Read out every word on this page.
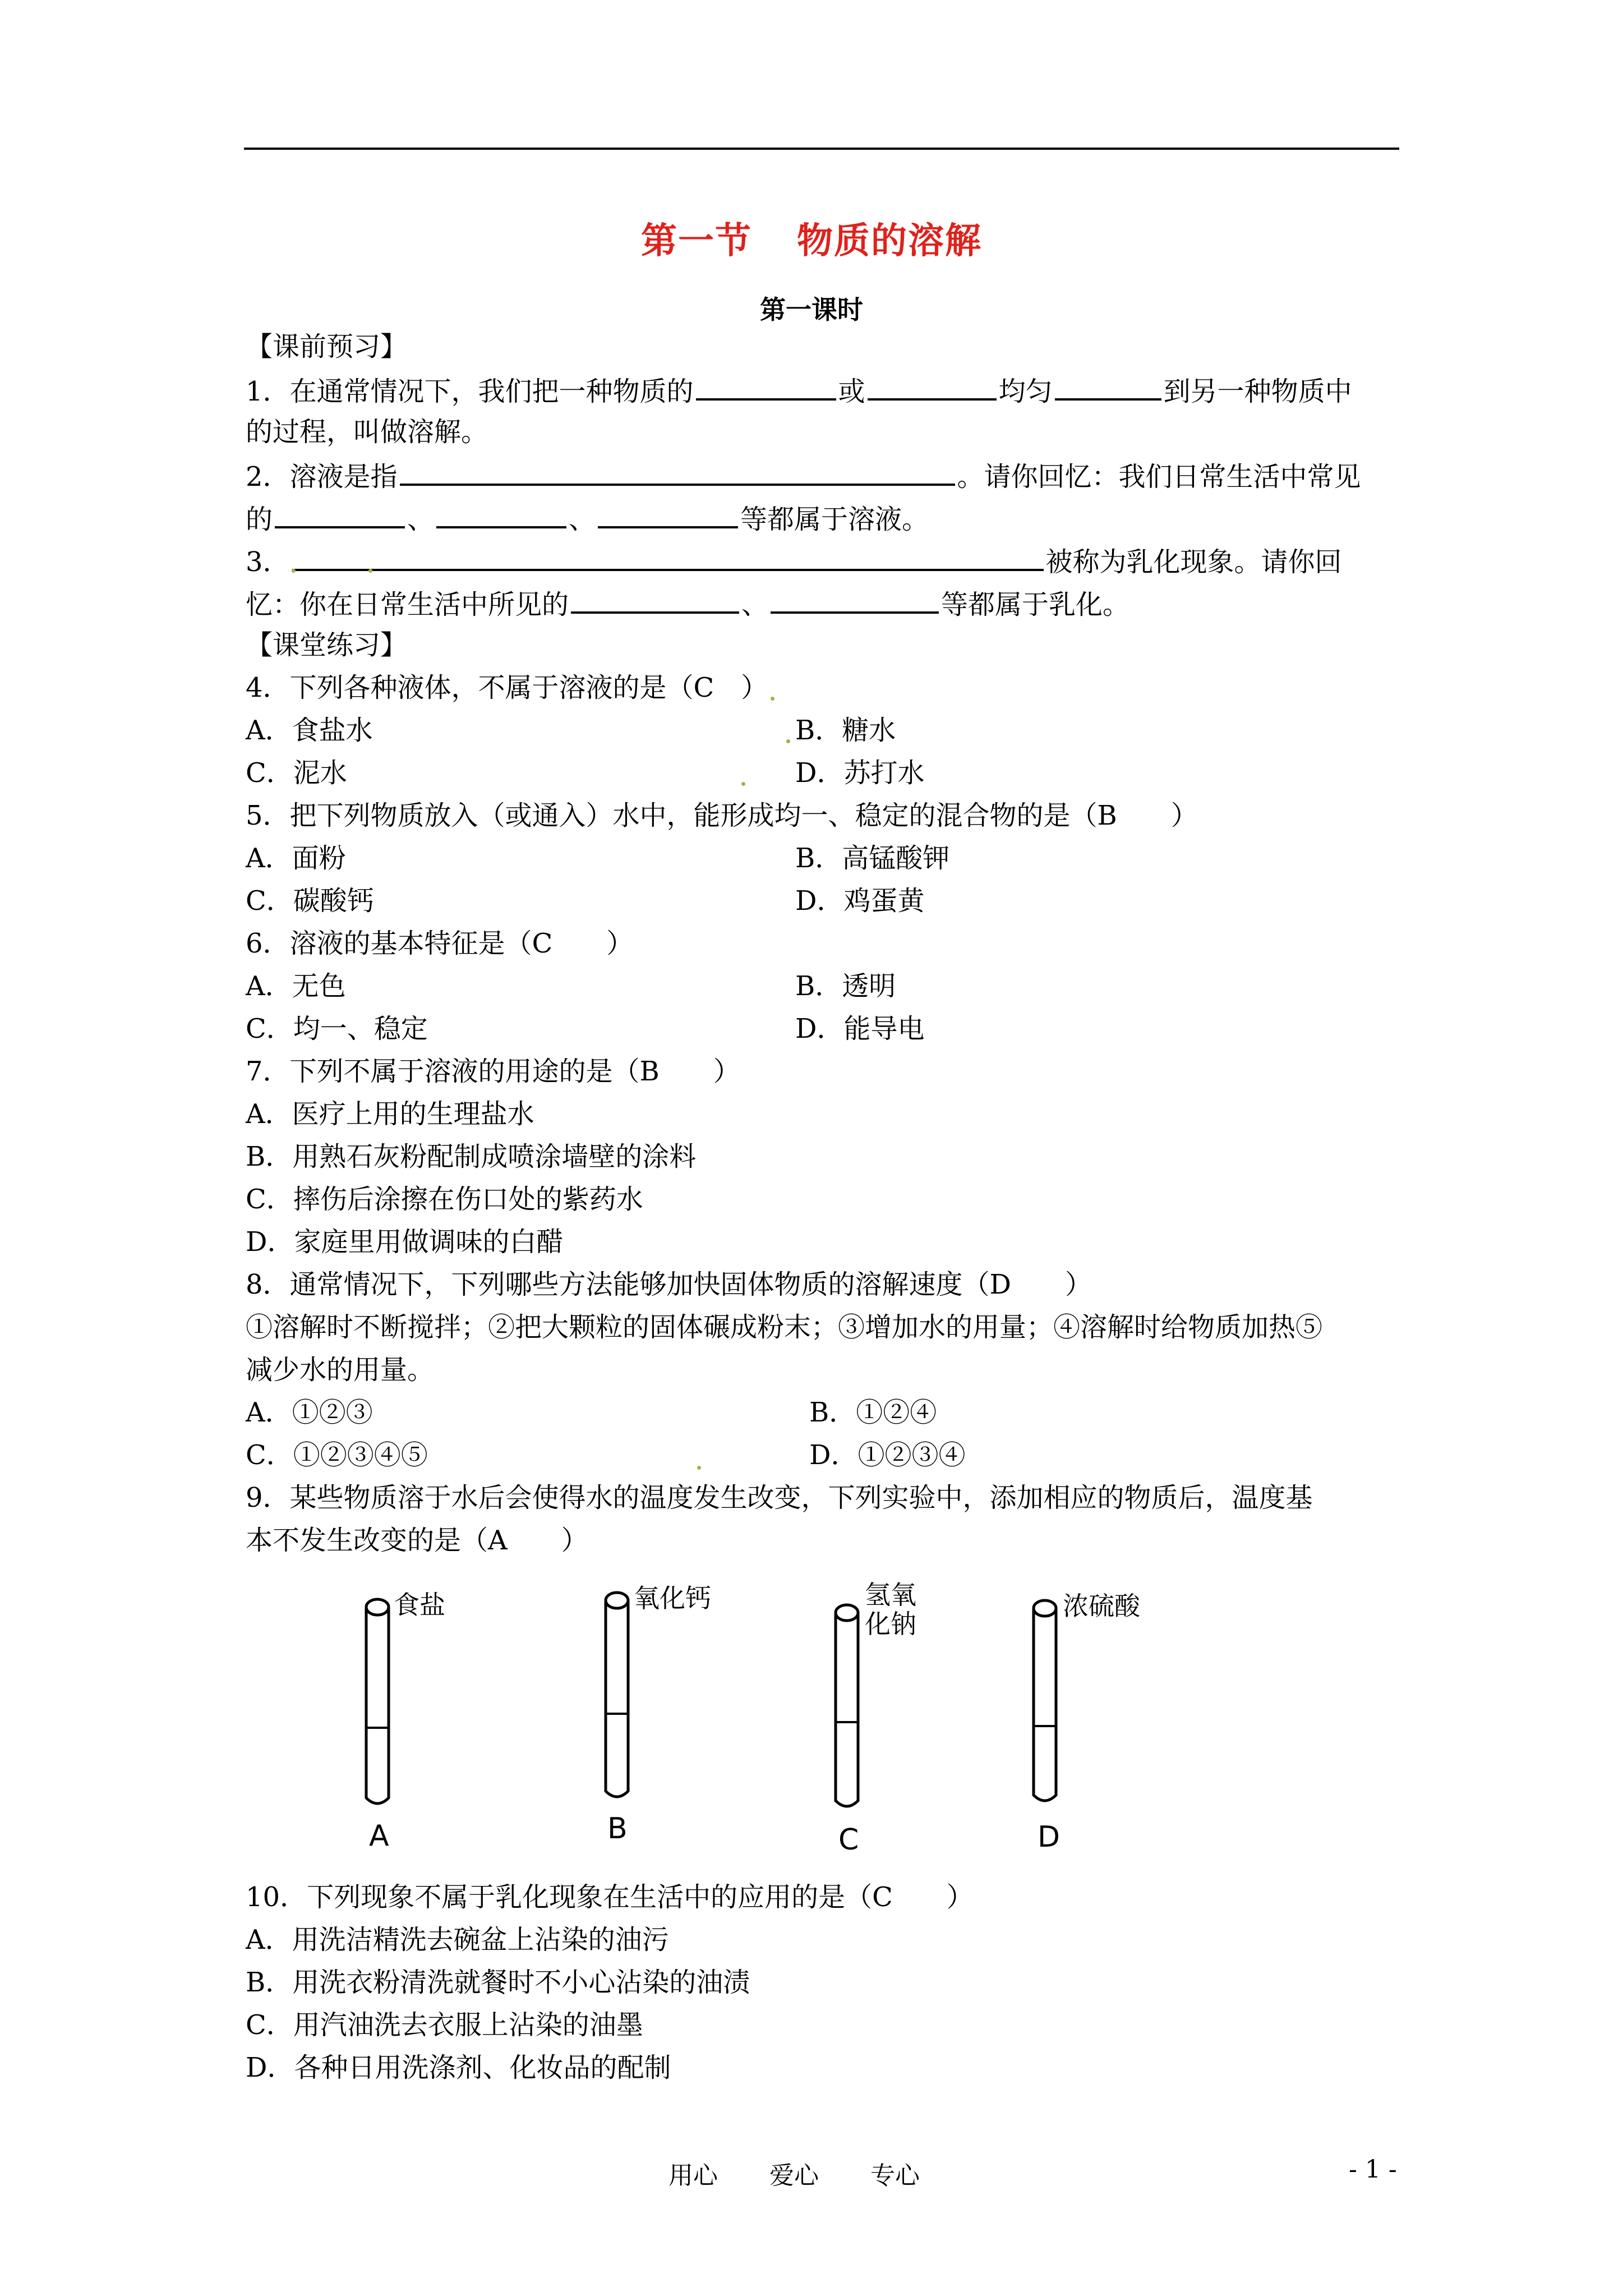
第一节 物质的溶解
第一课时
【课前预习】
1．在通常情况下，我们把一种物质的	或	均匀	到另一种物质中
的过程，叫做溶解。
2．溶液是指	。请你回忆：我们日常生活中常见
的	、	、	等都属于溶液。
3．	被称为乳化现象。请你回
忆：你在日常生活中所见的	、	等都属于乳化。
【课堂练习】
4．下列各种液体，不属于溶液的是（C　）
A．食盐水	B．糖水
C．泥水	D．苏打水
5．把下列物质放入（或通入）水中，能形成均一、稳定的混合物的是（B　　）
A．面粉	B．高锰酸钾
C．碳酸钙	D．鸡蛋黄
6．溶液的基本特征是（C　　）
A．无色	B．透明
C．均一、稳定	D．能导电
7．下列不属于溶液的用途的是（B　　）
A．医疗上用的生理盐水
B．用熟石灰粉配制成喷涂墙壁的涂料
C．摔伤后涂擦在伤口处的紫药水
D．家庭里用做调味的白醋
8．通常情况下，下列哪些方法能够加快固体物质的溶解速度（D　　）
①溶解时不断搅拌；②把大颗粒的固体碾成粉末；③增加水的用量；④溶解时给物质加热⑤
减少水的用量。
A．①②③	B．①②④
C．①②③④⑤	D．①②③④
9．某些物质溶于水后会使得水的温度发生改变，下列实验中，添加相应的物质后，温度基
本不发生改变的是（A　　）
食盐
A
氧化钙
B
氢氧
化钠
C
浓硫酸
D
10．下列现象不属于乳化现象在生活中的应用的是（C　　）
A．用洗洁精洗去碗盆上沾染的油污
B．用洗衣粉清洗就餐时不小心沾染的油渍
C．用汽油洗去衣服上沾染的油墨
D．各种日用洗涤剂、化妆品的配制
用心 爱心 专心	- 1 -
